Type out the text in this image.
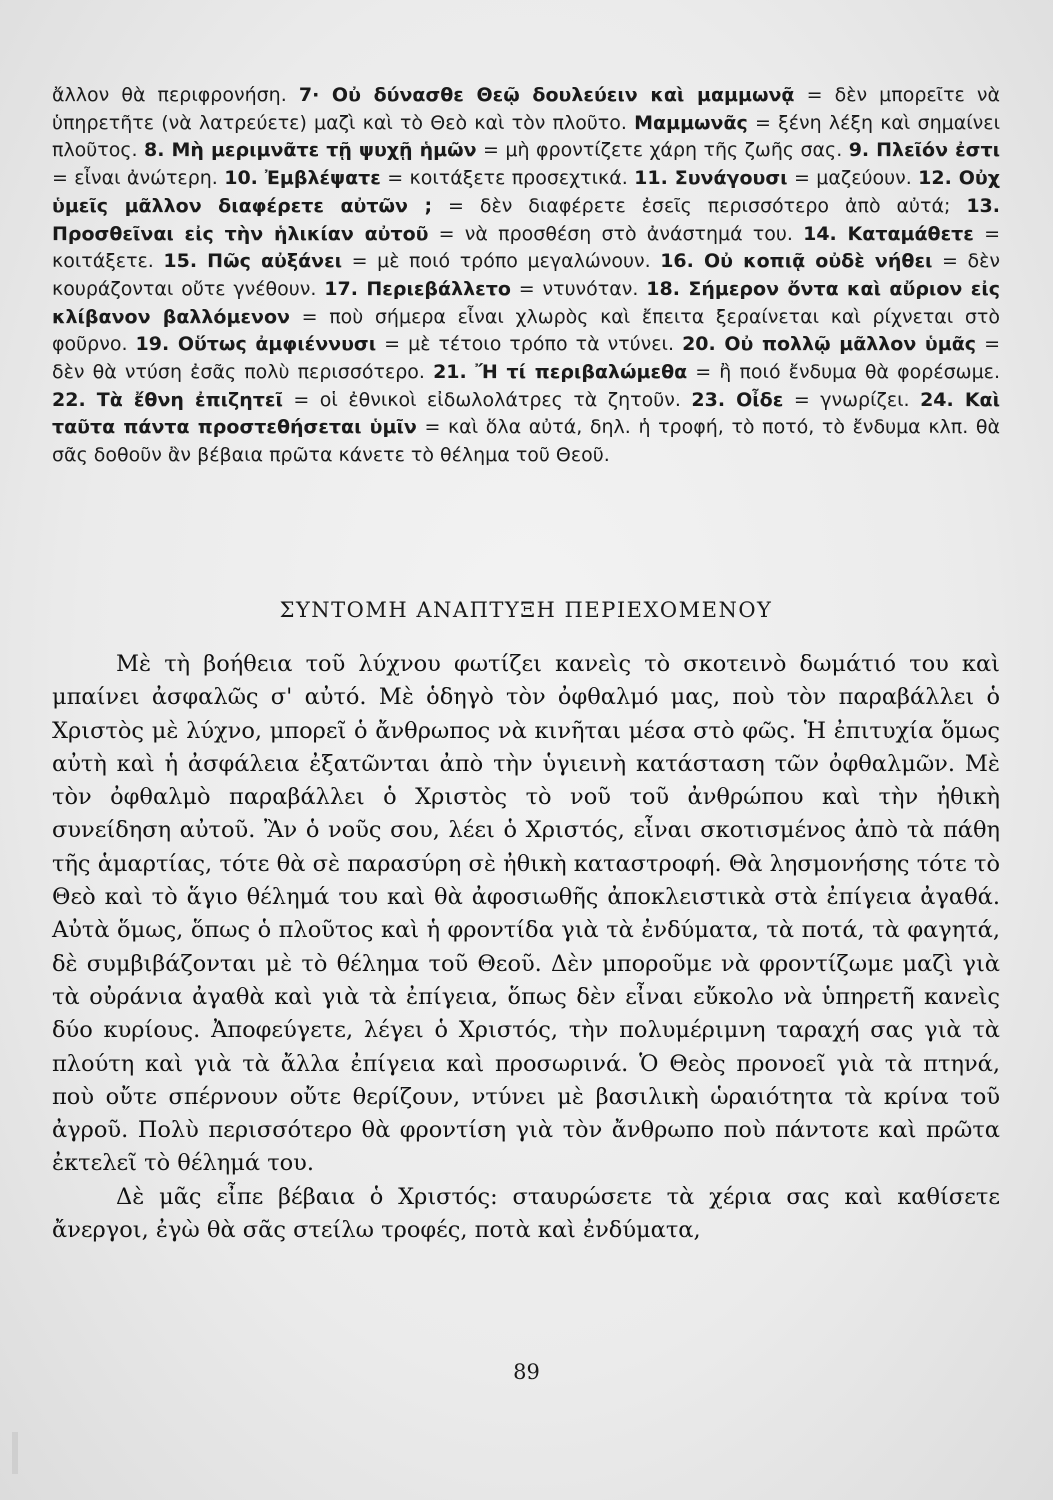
ἄλλον θὰ περιφρονήση. 7· Οὐ δύνασθε Θεῷ δουλεύειν καὶ μαμμωνᾷ = δὲν μπορεῖτε νὰ ὑπηρετῆτε (νὰ λατρεύετε) μαζὶ καὶ τὸ Θεὸ καὶ τὸν πλοῦτο. Μαμμωνᾶς = ξένη λέξη καὶ σημαίνει πλοῦτος. 8. Μὴ μεριμνᾶτε τῇ ψυχῇ ἡμῶν = μὴ φροντίζετε χάρη τῆς ζωῆς σας. 9. Πλεῖόν ἐστι = εἶναι ἀνώτερη. 10. Ἐμβλέψατε = κοιτάξετε προσεχτικά. 11. Συνάγουσι = μαζεύουν. 12. Οὐχ ὑμεῖς μᾶλλον διαφέρετε αὐτῶν ; = δὲν διαφέρετε ἐσεῖς περισσότερο ἀπὸ αὐτά; 13. Προσθεῖναι εἰς τὴν ἡλικίαν αὐτοῦ = νὰ προσθέση στὸ ἀνάστημά του. 14. Καταμάθετε = κοιτάξετε. 15. Πῶς αὐξάνει = μὲ ποιό τρόπο μεγαλώνουν. 16. Οὐ κοπιᾷ οὐδὲ νήθει = δὲν κουράζονται οὔτε γνέθουν. 17. Περιεβάλλετο = ντυνόταν. 18. Σήμερον ὄντα καὶ αὔριον εἰς κλίβανον βαλλόμενον = ποὺ σήμερα εἶναι χλωρὸς καὶ ἔπειτα ξεραίνεται καὶ ρίχνεται στὸ φοῦρνο. 19. Οὕτως ἀμφιέννυσι = μὲ τέτοιο τρόπο τὰ ντύνει. 20. Οὐ πολλῷ μᾶλλον ὑμᾶς = δὲν θὰ ντύση ἐσᾶς πολὺ περισσότερο. 21. Ἤ τί περιβαλώμεθα = ἢ ποιό ἔνδυμα θὰ φορέσωμε. 22. Τὰ ἔθνη ἐπιζητεῖ = οἱ ἐθνικοὶ εἰδωλολάτρες τὰ ζητοῦν. 23. Οἶδε = γνωρίζει. 24. Καὶ ταῦτα πάντα προστεθήσεται ὑμῖν = καὶ ὅλα αὐτά, δηλ. ἡ τροφή, τὸ ποτό, τὸ ἔνδυμα κλπ. θὰ σᾶς δοθοῦν ἂν βέβαια πρῶτα κάνετε τὸ θέλημα τοῦ Θεοῦ.

ΣΥΝΤΟΜΗ ΑΝΑΠΤΥΞΗ ΠΕΡΙΕΧΟΜΕΝΟΥ

Μὲ τὴ βοήθεια τοῦ λύχνου φωτίζει κανεὶς τὸ σκοτεινὸ δωμάτιό του καὶ μπαίνει ἀσφαλῶς σ' αὐτό. Μὲ ὁδηγὸ τὸν ὀφθαλμό μας, ποὺ τὸν παραβάλλει ὁ Χριστὸς μὲ λύχνο, μπορεῖ ὁ ἄνθρωπος νὰ κινῆται μέσα στὸ φῶς. Ἡ ἐπιτυχία ὅμως αὐτὴ καὶ ἡ ἀσφάλεια ἐξατῶνται ἀπὸ τὴν ὑγιεινὴ κατάσταση τῶν ὀφθαλμῶν. Μὲ τὸν ὀφθαλμὸ παραβάλλει ὁ Χριστὸς τὸ νοῦ τοῦ ἀνθρώπου καὶ τὴν ἠθικὴ συνείδηση αὐτοῦ. Ἂν ὁ νοῦς σου, λέει ὁ Χριστός, εἶναι σκοτισμένος ἀπὸ τὰ πάθη τῆς ἁμαρτίας, τότε θὰ σὲ παρασύρη σὲ ἠθικὴ καταστροφή. Θὰ λησμονήσης τότε τὸ Θεὸ καὶ τὸ ἅγιο θέλημά του καὶ θὰ ἀφοσιωθῆς ἀποκλειστικὰ στὰ ἐπίγεια ἀγαθά. Αὐτὰ ὅμως, ὅπως ὁ πλοῦτος καὶ ἡ φροντίδα γιὰ τὰ ἐνδύματα, τὰ ποτά, τὰ φαγητά, δὲ συμβιβάζονται μὲ τὸ θέλημα τοῦ Θεοῦ. Δὲν μποροῦμε νὰ φροντίζωμε μαζὶ γιὰ τὰ οὐράνια ἀγαθὰ καὶ γιὰ τὰ ἐπίγεια, ὅπως δὲν εἶναι εὔκολο νὰ ὑπηρετῆ κανεὶς δύο κυρίους. Ἀποφεύγετε, λέγει ὁ Χριστός, τὴν πολυμέριμνη ταραχή σας γιὰ τὰ πλούτη καὶ γιὰ τὰ ἄλλα ἐπίγεια καὶ προσωρινά. Ὁ Θεὸς προνοεῖ γιὰ τὰ πτηνά, ποὺ οὔτε σπέρνουν οὔτε θερίζουν, ντύνει μὲ βασιλικὴ ὡραιότητα τὰ κρίνα τοῦ ἀγροῦ. Πολὺ περισσότερο θὰ φροντίση γιὰ τὸν ἄνθρωπο ποὺ πάντοτε καὶ πρῶτα ἐκτελεῖ τὸ θέλημά του.

Δὲ μᾶς εἶπε βέβαια ὁ Χριστός: σταυρώσετε τὰ χέρια σας καὶ καθίσετε ἄνεργοι, ἐγὼ θὰ σᾶς στείλω τροφές, ποτὰ καὶ ἐνδύματα,

89
